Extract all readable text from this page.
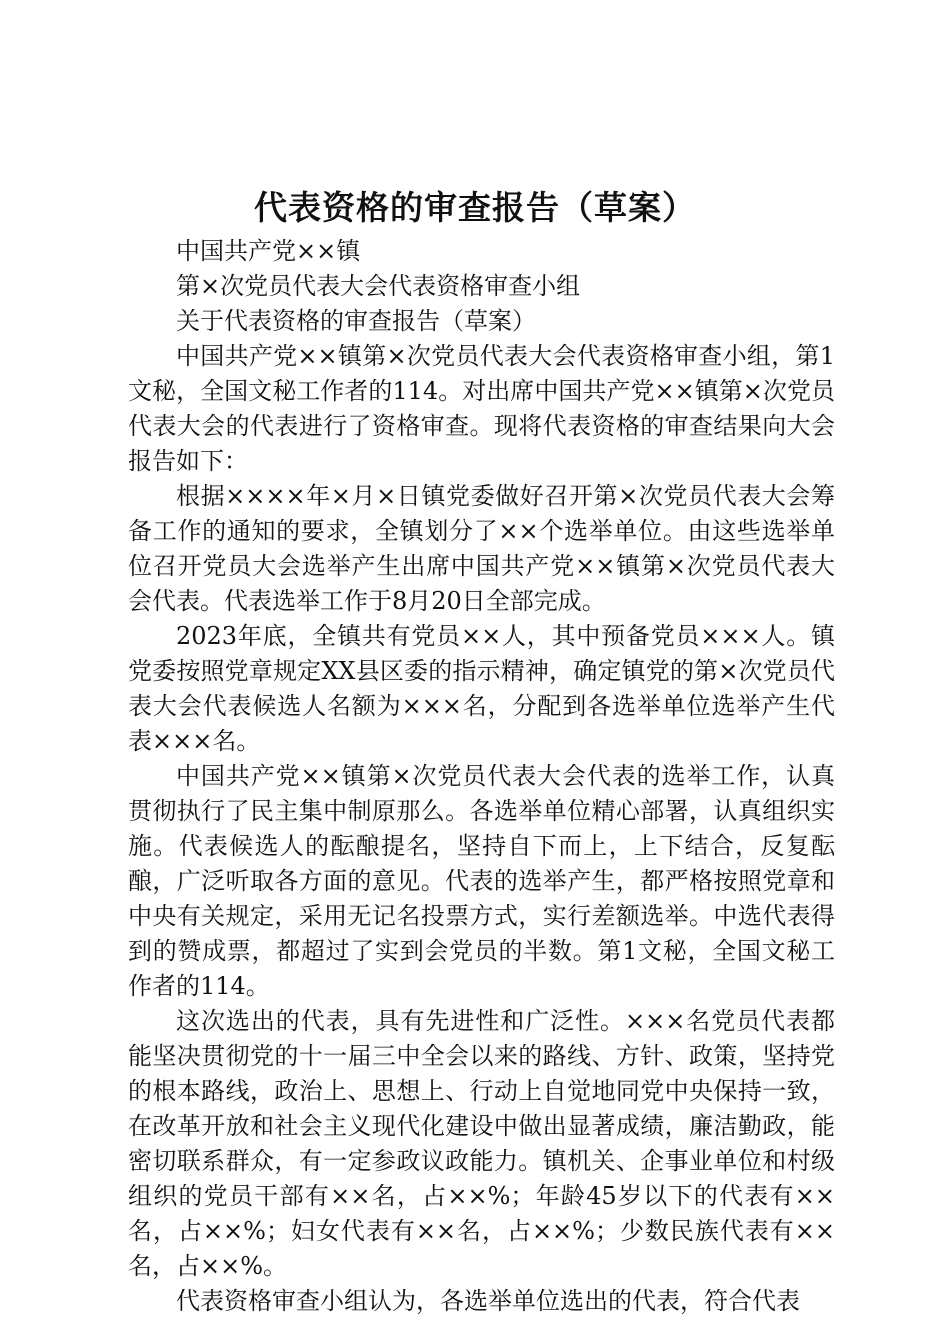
代表资格的审查报告（草案）

中国共产党××镇

第×次党员代表大会代表资格审查小组

关于代表资格的审查报告（草案）

中国共产党××镇第×次党员代表大会代表资格审查小组，第1文秘，全国文秘工作者的114。对出席中国共产党××镇第×次党员代表大会的代表进行了资格审查。现将代表资格的审查结果向大会报告如下：

根据××××年×月×日镇党委做好召开第×次党员代表大会筹备工作的通知的要求，全镇划分了××个选举单位。由这些选举单位召开党员大会选举产生出席中国共产党××镇第×次党员代表大会代表。代表选举工作于8月20日全部完成。

2023年底，全镇共有党员××人，其中预备党员×××人。镇党委按照党章规定XX县区委的指示精神，确定镇党的第×次党员代表大会代表候选人名额为×××名，分配到各选举单位选举产生代表×××名。

中国共产党××镇第×次党员代表大会代表的选举工作，认真贯彻执行了民主集中制原那么。各选举单位精心部署，认真组织实施。代表候选人的酝酿提名，坚持自下而上，上下结合，反复酝酿，广泛听取各方面的意见。代表的选举产生，都严格按照党章和中央有关规定，采用无记名投票方式，实行差额选举。中选代表得到的赞成票，都超过了实到会党员的半数。第1文秘，全国文秘工作者的114。

这次选出的代表，具有先进性和广泛性。×××名党员代表都能坚决贯彻党的十一届三中全会以来的路线、方针、政策，坚持党的根本路线，政治上、思想上、行动上自觉地同党中央保持一致，在改革开放和社会主义现代化建设中做出显著成绩，廉洁勤政，能密切联系群众，有一定参政议政能力。镇机关、企事业单位和村级组织的党员干部有××名，占××%；年龄45岁以下的代表有××名，占××%；妇女代表有××名，占××%；少数民族代表有××名，占××%。

代表资格审查小组认为，各选举单位选出的代表，符合代表
